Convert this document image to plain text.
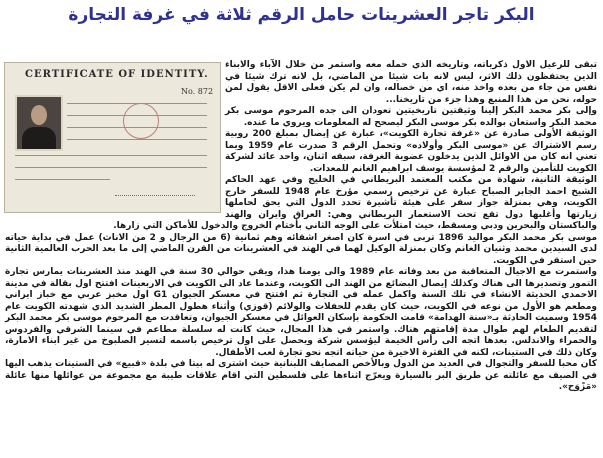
البكر تاجر العشرينات حامل الرقم ثلاثة في غرفة التجارة
CERTIFICATE OF IDENTITY.
No. 872

تبقى للرعيل الاول ذكرياته، وتاريخه الذي حمله معه واستمر من خلال الآباء والابناء الذين يحتفظون ذلك الاثر، ليس لانه بات شيئا من الماضي، بل لانه ترك شيئا في نفس من جاء من بعده واخذ منه، اي من خصاله، وان لم يكن فعلى الاقل يقول لمن حوله، نحن من هذا المنبع وهذا جزء من تاريخنا...

وإلى بكر محمد البكر إلينا وثيقتين تاريخيتين تعودان الى جده المرحوم موسى بكر محمد البكر واستعان بوالده بكر موسى البكر ليصحح له المعلومات ويروي ما عنده.

الوثيقة الأولى صادرة عن «غرفة تجارة الكويت»، عبارة عن إيصال بمبلغ 200 روبية رسم الاشتراك عن «موسى البكر وأولاده» وتحمل الرقم 3 صدرت عام 1959 ويما تعني انه كان من الاوائل الذين يدخلون عضوية الغرفة، سبقه اثنان، واحد عائد لشركة الكويت للتأمين والرقم 2 لمؤسسة يوسف ابراهيم الغانم للمعدات.

الوثيقة الثانية، شهادة من مكتب المعتمد البريطاني في الخليج وفي عهد الحاكم الشيخ احمد الجابر الصباح عبارة عن ترخيص رسمي مؤرخ عام 1948 للسفر خارج الكويت، وهي بمنزلة جواز سفر على هيئة تأشيرة تحدد الدول التي يحق لحاملها زيارتها وأغلبها دول تقع تحت الاستعمار البريطاني وهي: العراق وايران والهند والباكستان والبحرين ودبي ومسقط، حيث امتلأت على الوجه الثاني بأختام الخروج والدخول للأماكن التي زارها.

موسى بكر محمد البكر مواليد 1896 تربى في اسرة كان اصغر اشقائه وهم ثمانية (6 من الرجال و 2 من الاناث) عمل في بداية حياته لدى السيدين محمد وثنيان الغانم وكان بمنزلة الوكيل لهما في الهند في العشرينات من القرن الماضي إلى ما بعد الحرب العالمية الثانية حين استقر في الكويت.

واستمرت مع الاجيال المتعاقبة من بعد وفاته عام 1989 والى يومنا هذا، ويقي حوالي 30 سنة في الهند منذ العشرينات يمارس تجارة التمور وتصديرها الى هناك وكذلك إيصال البضائع من الهند الى الكويت، وعندما عاد الى الكويت في الاربعينات افتتح اول بقالة في مدينة الاحمدي الحديثة الانشاء في تلك السنة واكمل عمله في التجارة ثم افتتح في معسكر الجيوان G1 اول مخبز عربي مع خباز ايراني ومطعم هو الأول من نوعه في الكويت، حيث كان يقدم للحفلات والولائم (قوزي) وأثناء هطول المطر الشديد الذي شهدته الكويت عام 1954 وسميت الحادثة بـ«سنة الهدامة» قامت الحكومة بإسكان العوائل في معسكر الجيوان، وتعاقدت مع المرحوم موسى بكر محمد البكر لتقديم الطعام لهم طوال مدة إقامتهم هناك. واستمر في هذا المجال، حيث كانت له سلسلة مطاعم في سينما الشرقي والفردوس والحمراء والاندلس. بعدها اتجه الى رأس الخيمة ليؤسس شركة ويحصل على اول ترخيص باسمه لتسير الصلبوخ من غير ابناء الامارة، وكان ذلك في الستينات، لكنه في الفترة الاخيرة من حياته اتجه نحو تجارة لعب الأطفال.

كان محبا للسفر والتجوال في العديد من الدول وبالأخص المصايف اللبنانية حيث اشترى له بيتا في بلدة «قبيع» في الستينات يذهب اليها في الصيف مع عائلته عن طريق البر بالسيارة ويعرّج اثناءها على فلسطين التي اقام علاقات طيبة مع مجموعة من عوائلها منها عائلة «مَزْوَح».
